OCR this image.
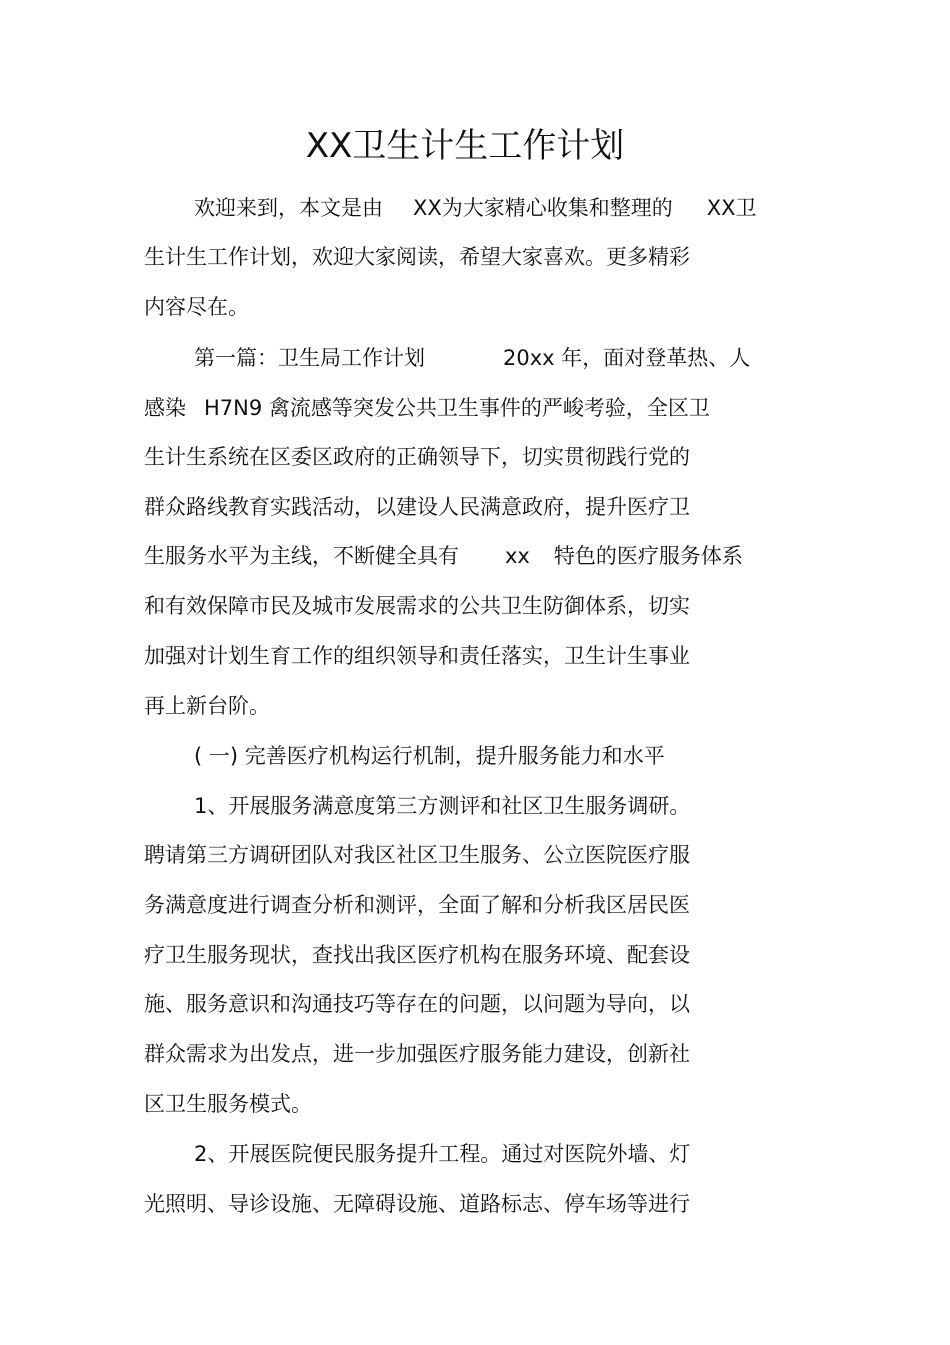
XX卫生计生工作计划
欢迎来到，本文是由 XX为大家精心收集和整理的 XX卫
生计生工作计划，欢迎大家阅读，希望大家喜欢。更多精彩
内容尽在。
第一篇：卫生局工作计划	20xx 年，面对登革热、人
感染 H7N9 禽流感等突发公共卫生事件的严峻考验，全区卫
生计生系统在区委区政府的正确领导下，切实贯彻践行党的
群众路线教育实践活动，以建设人民满意政府，提升医疗卫
生服务水平为主线，不断健全具有 xx 特色的医疗服务体系
和有效保障市民及城市发展需求的公共卫生防御体系，切实
加强对计划生育工作的组织领导和责任落实，卫生计生事业
再上新台阶。
( 一) 完善医疗机构运行机制，提升服务能力和水平
1、开展服务满意度第三方测评和社区卫生服务调研。
聘请第三方调研团队对我区社区卫生服务、公立医院医疗服
务满意度进行调查分析和测评，全面了解和分析我区居民医
疗卫生服务现状，查找出我区医疗机构在服务环境、配套设
施、服务意识和沟通技巧等存在的问题，以问题为导向，以
群众需求为出发点，进一步加强医疗服务能力建设，创新社
区卫生服务模式。
2、开展医院便民服务提升工程。通过对医院外墙、灯
光照明、导诊设施、无障碍设施、道路标志、停车场等进行
